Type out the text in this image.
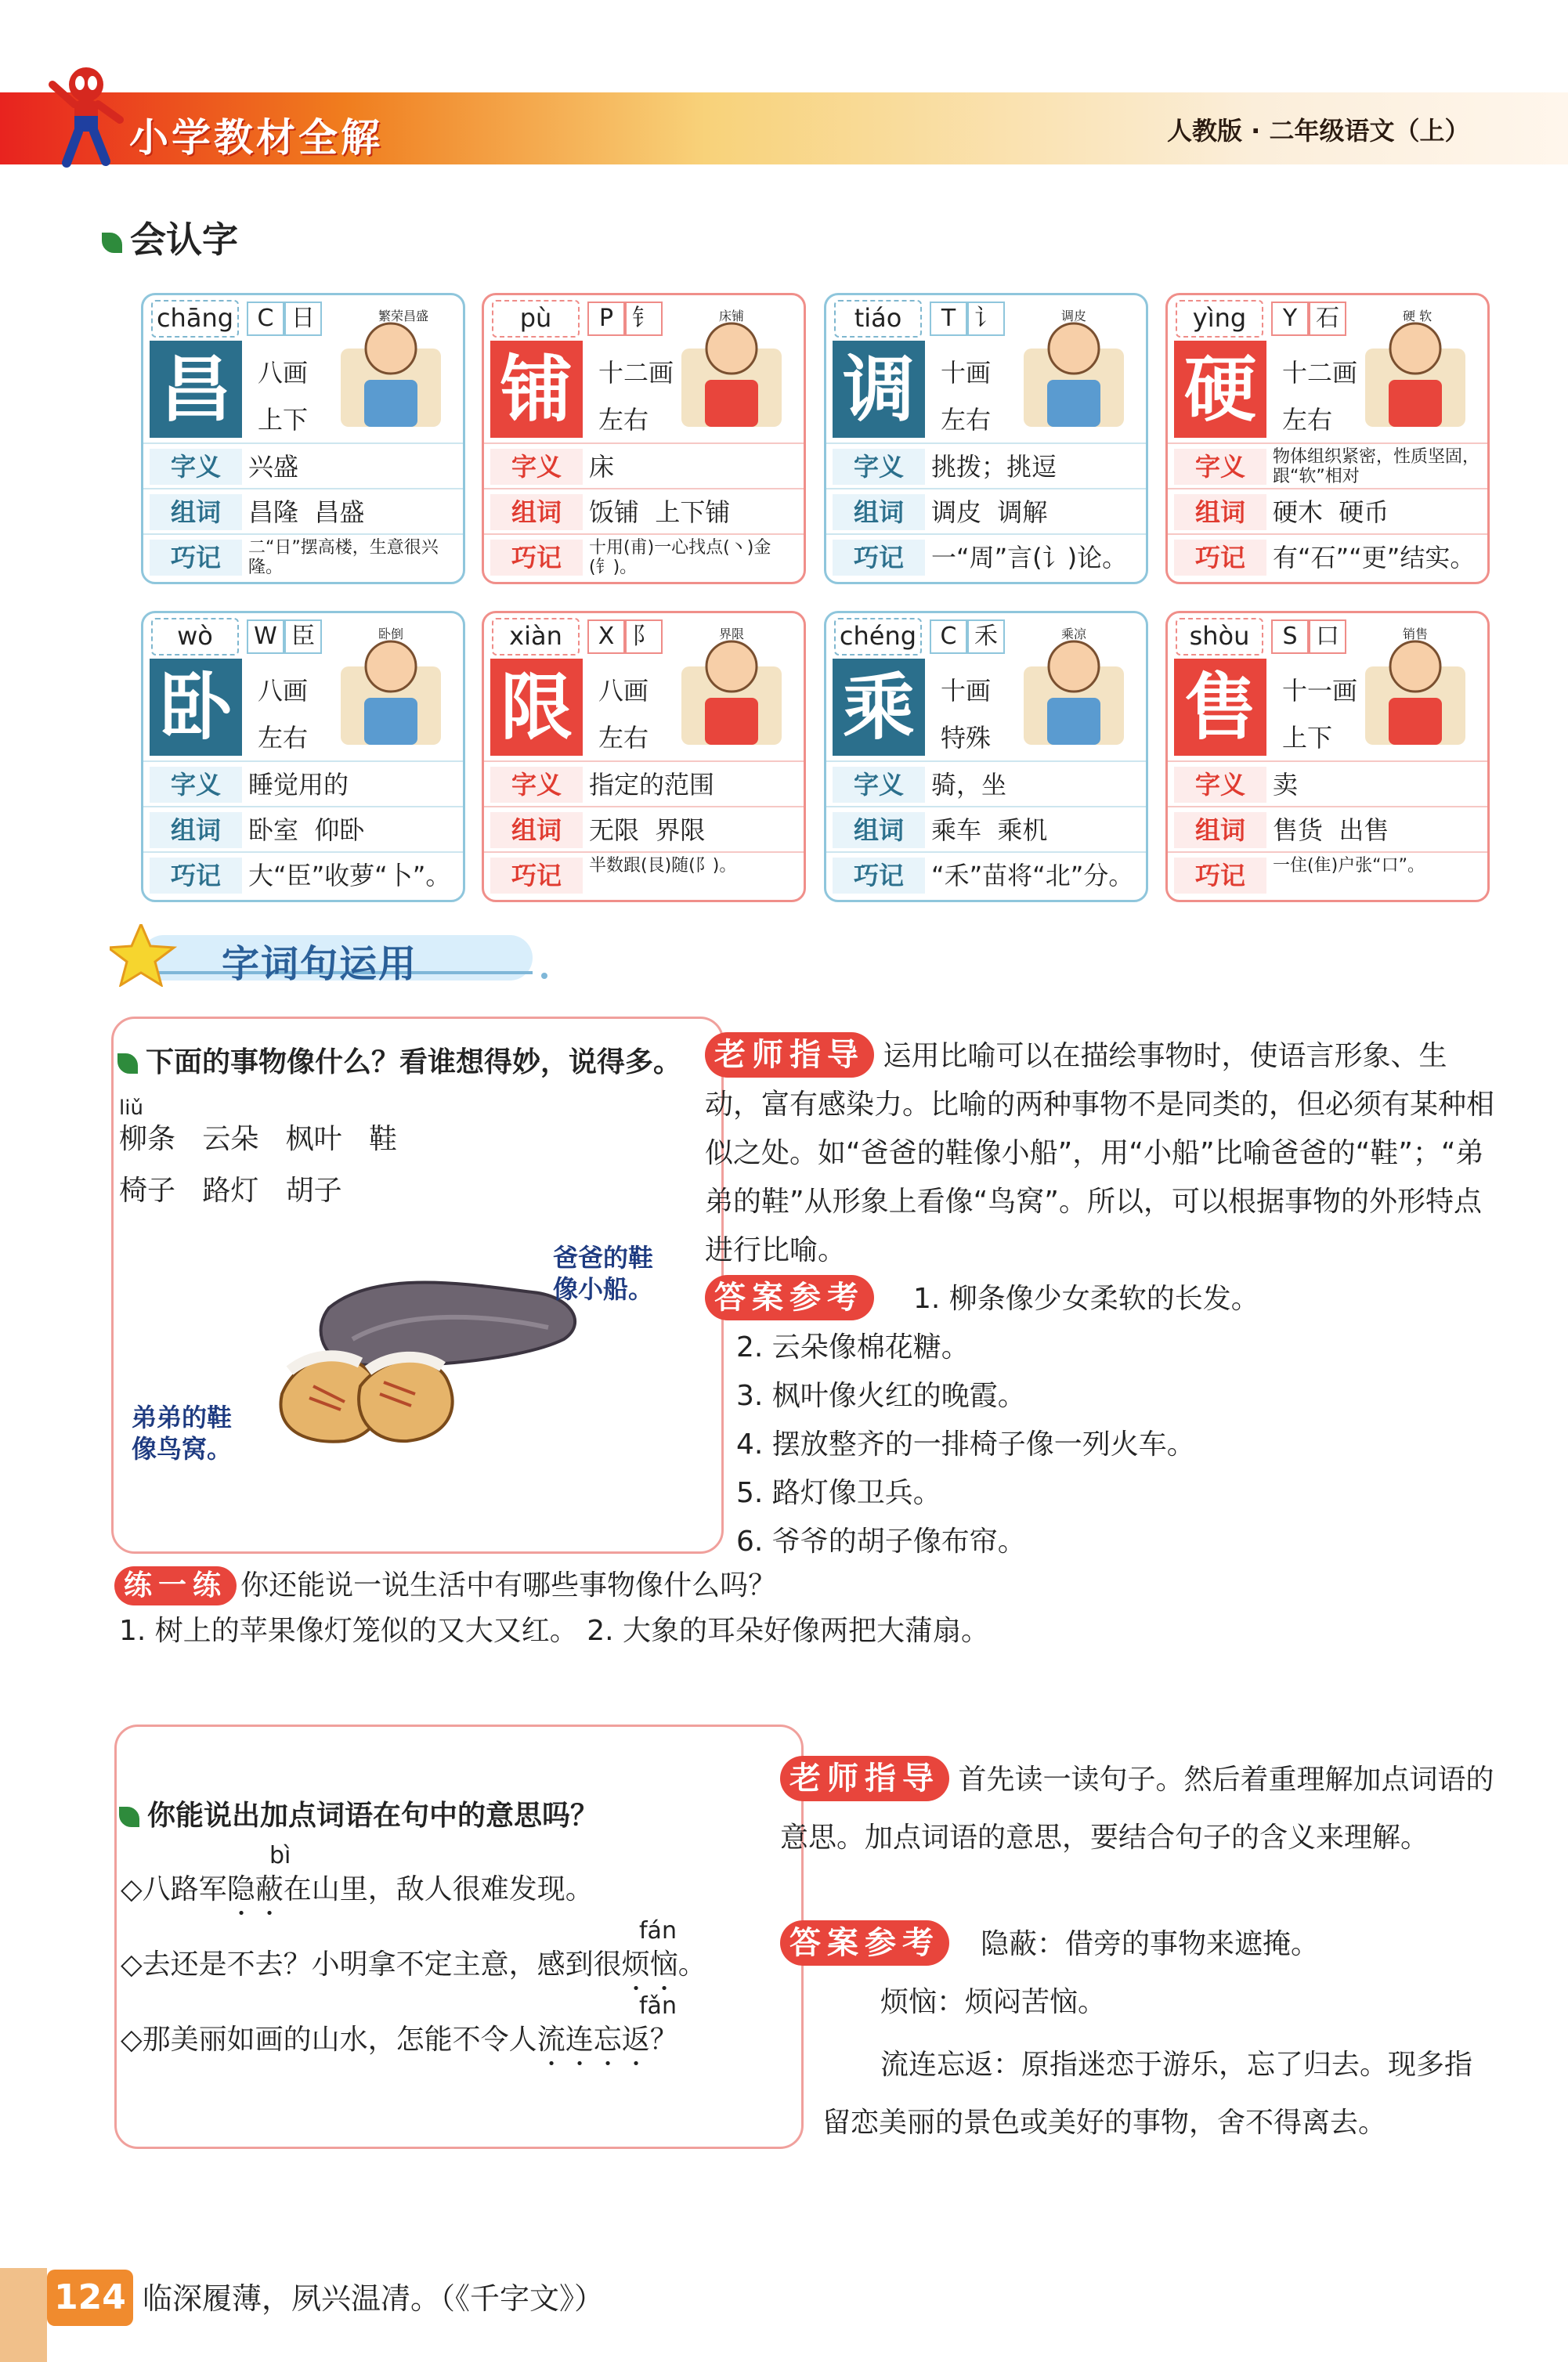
小学教材全解	人教版 · 二年级语文（上）
会认字
chāng	C 日
昌	八画
上下
繁荣昌盛
字义	兴盛
组词	昌隆  昌盛
巧记	二“日”摆高楼，生意很兴隆。
pù	P 钅
铺	十二画
左右
床铺
字义	床
组词	饭铺  上下铺
巧记	十用(甫)一心找点(丶)金(钅)。
tiáo	T 讠
调	十画
左右
调皮
字义	挑拨；挑逗
组词	调皮  调解
巧记	一“周”言(讠)论。
yìng	Y 石
硬	十二画
左右
硬 软
字义	物体组织紧密，性质坚固，跟“软”相对
组词	硬木  硬币
巧记	有“石”“更”结实。
wò	W 臣
卧	八画
左右
卧倒
字义	睡觉用的
组词	卧室  仰卧
巧记	大“臣”收萝“卜”。
xiàn	X 阝
限	八画
左右
界限
字义	指定的范围
组词	无限  界限
巧记	半数跟(艮)随(阝)。
chéng	C 禾
乘	十画
特殊
乘凉
字义	骑，坐
组词	乘车  乘机
巧记	“禾”苗将“北”分。
shòu	S 口
售	十一画
上下
销售
字义	卖
组词	售货  出售
巧记	一住(隹)户张“口”。
字词句运用
下面的事物像什么？看谁想得妙，说得多。
liǔ
柳条   云朵   枫叶   鞋
椅子   路灯   胡子
爸爸的鞋像小船。
弟弟的鞋像鸟窝。

老师指导 运用比喻可以在描绘事物时，使语言形象、生动，富有感染力。比喻的两种事物不是同类的，但必须有某种相似之处。如“爸爸的鞋像小船”，用“小船”比喻爸爸的“鞋”；“弟弟的鞋”从形象上看像“鸟窝”。所以，可以根据事物的外形特点进行比喻。

答案参考	1. 柳条像少女柔软的长发。
2. 云朵像棉花糖。
3. 枫叶像火红的晚霞。
4. 摆放整齐的一排椅子像一列火车。
5. 路灯像卫兵。
6. 爷爷的胡子像布帘。
练一练 你还能说一说生活中有哪些事物像什么吗？
1. 树上的苹果像灯笼似的又大又红。 2. 大象的耳朵好像两把大蒲扇。
你能说出加点词语在句中的意思吗？
bì
◇八路军隐蔽在山里，敌人很难发现。
fán
◇去还是不去？小明拿不定主意，感到很烦恼。
fǎn
◇那美丽如画的山水，怎能不令人流连忘返？

老师指导 首先读一读句子。然后着重理解加点词语的意思。加点词语的意思，要结合句子的含义来理解。

答案参考	隐蔽：借旁的事物来遮掩。
烦恼：烦闷苦恼。
流连忘返：原指迷恋于游乐，忘了归去。现多指留恋美丽的景色或美好的事物，舍不得离去。
124 临深履薄，夙兴温凊。（《千字文》）
